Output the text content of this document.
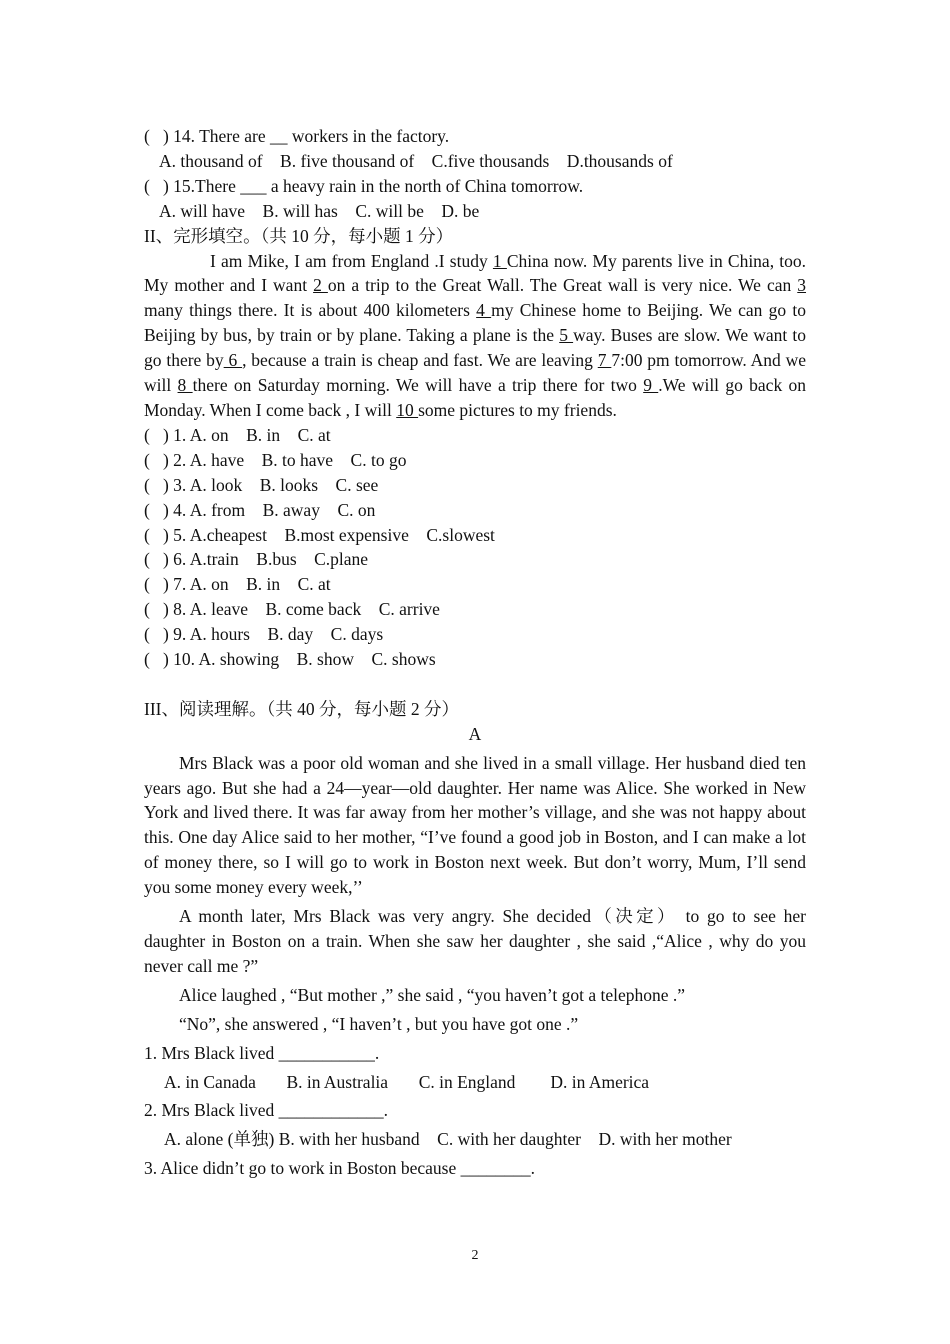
(   ) 14. There are __ workers in the factory.
A. thousand of    B. five thousand of    C.five thousands    D.thousands of
(   ) 15.There ___ a heavy rain in the north of China tomorrow.
A. will have    B. will has    C. will be    D. be
II、完形填空。（共 10 分，每小题 1 分）
I am Mike, I am from England .I study 1 China now. My parents live in China, too. My mother and I want 2 on a trip to the Great Wall. The Great wall is very nice. We can 3 many things there. It is about 400 kilometers 4 my Chinese home to Beijing. We can go to Beijing by bus, by train or by plane. Taking a plane is the 5 way. Buses are slow. We want to go there by 6 , because a train is cheap and fast. We are leaving 7 7:00 pm tomorrow. And we will 8 there on Saturday morning. We will have a trip there for two 9 .We will go back on Monday. When I come back , I will 10 some pictures to my friends.
(   ) 1. A. on    B. in    C. at
(   ) 2. A. have    B. to have    C. to go
(   ) 3. A. look    B. looks    C. see
(   ) 4. A. from    B. away    C. on
(   ) 5. A.cheapest    B.most expensive    C.slowest
(   ) 6. A.train    B.bus    C.plane
(   ) 7. A. on    B. in    C. at
(   ) 8. A. leave    B. come back    C. arrive
(   ) 9. A. hours    B. day    C. days
(   ) 10. A. showing    B. show    C. shows
III、阅读理解。（共 40 分，每小题 2 分）
A
Mrs Black was a poor old woman and she lived in a small village. Her husband died ten years ago. But she had a 24—year—old daughter. Her name was Alice. She worked in New York and lived there. It was far away from her mother’s village, and she was not happy about this. One day Alice said to her mother, “I’ve found a good job in Boston, and I can make a lot of money there, so I will go to work in Boston next week. But don’t worry, Mum, I’ll send you some money every week,’’
A month later, Mrs Black was very angry. She decided（决定） to go to see her daughter in Boston on a train. When she saw her daughter , she said ,“Alice , why do you never call me ?”
Alice laughed , “But mother ,” she said , “you haven’t got a telephone .”
“No”, she answered , “I haven’t , but you have got one .”
1. Mrs Black lived ___________.
A. in Canada       B. in Australia       C. in England        D. in America
2. Mrs Black lived ____________.
A. alone (单独) B. with her husband    C. with her daughter    D. with her mother
3. Alice didn’t go to work in Boston because ________.
2
